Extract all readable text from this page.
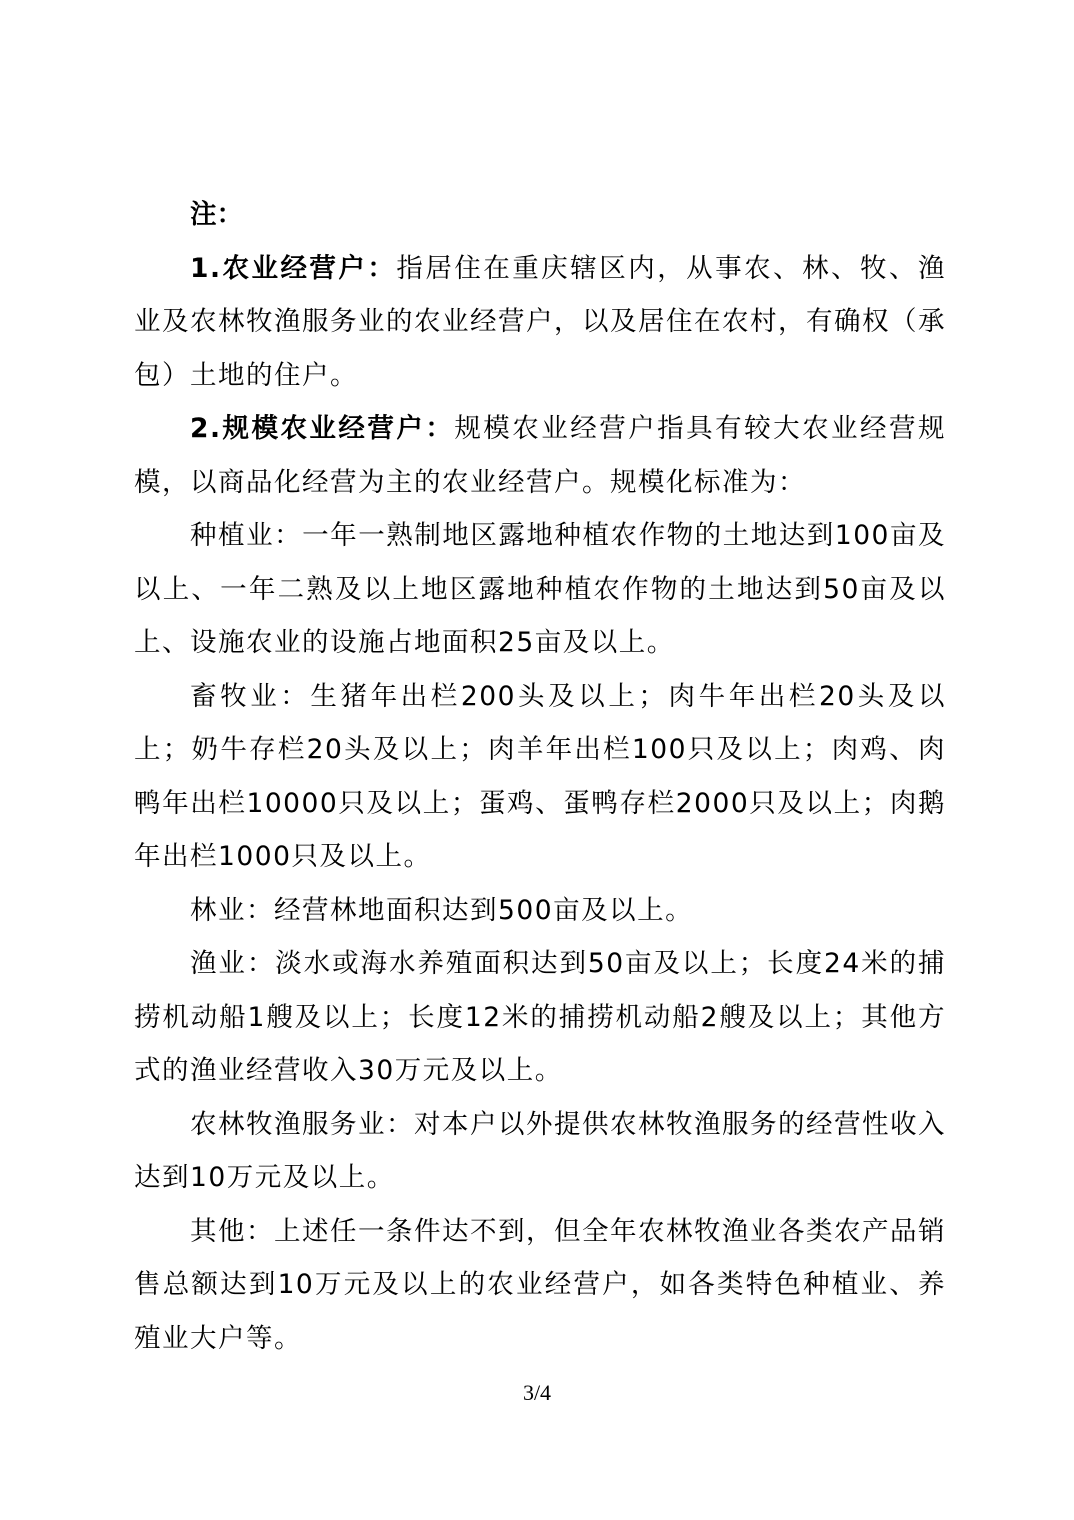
注：

1.农业经营户：指居住在重庆辖区内，从事农、林、牧、渔业及农林牧渔服务业的农业经营户，以及居住在农村，有确权（承包）土地的住户。

2.规模农业经营户：规模农业经营户指具有较大农业经营规模，以商品化经营为主的农业经营户。规模化标准为：

种植业：一年一熟制地区露地种植农作物的土地达到100亩及以上、一年二熟及以上地区露地种植农作物的土地达到50亩及以上、设施农业的设施占地面积25亩及以上。

畜牧业：生猪年出栏200头及以上；肉牛年出栏20头及以上；奶牛存栏20头及以上；肉羊年出栏100只及以上；肉鸡、肉鸭年出栏10000只及以上；蛋鸡、蛋鸭存栏2000只及以上；肉鹅年出栏1000只及以上。

林业：经营林地面积达到500亩及以上。

渔业：淡水或海水养殖面积达到50亩及以上；长度24米的捕捞机动船1艘及以上；长度12米的捕捞机动船2艘及以上；其他方式的渔业经营收入30万元及以上。

农林牧渔服务业：对本户以外提供农林牧渔服务的经营性收入达到10万元及以上。

其他：上述任一条件达不到，但全年农林牧渔业各类农产品销售总额达到10万元及以上的农业经营户，如各类特色种植业、养殖业大户等。

3/4
